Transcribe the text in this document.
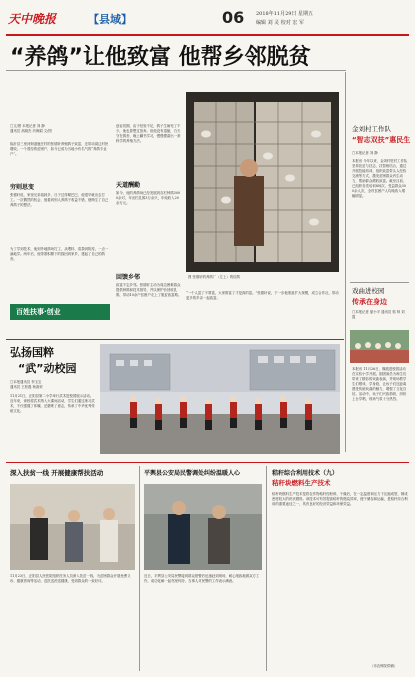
天中晚报	【县域】	06 2018年11月29日 星期五
编辑 刘 灵 校对 宏 军
“养鸽”让他致富 他帮乡邻脱贫
□文/图 本报记者 刘 静
通讯员 高晓杰 冯海娟 文/图
临沂县三里河街道鹿庄村的张德轩养殖鸽子致富，还带动周边村民增收。一个曾经的贫困户，如今已成为当地小有名气的“养鸽专业户”。
穷则思变
张德轩说，家里兄弟姐妹多，日子过得紧巴巴，他很早就出去打工。一次偶然的机会，他看到别人养鸽子收益不错，便萌生了自己养鸽子的想法。
为了学到技术，他到外地鸽场打工，从喂料、清粪到防疫，一点一滴地学。两年后，他带着积攒下的钱回到家乡，建起了自己的鸽舍。
百姓扶事·创业
创业初期，由于经验不足，鸽子生病死了不少，他也曾想过放弃。但他没有退缩，白天守在鸽舍，晚上翻书学习，慢慢摸索出一套科学的养殖方法。
天道酬勤
如今，他的养鸽场已经发展到存栏种鸽3000余对，年出栏乳鸽3万余只，年纯收入20余万元。
回馈乡邻
致富不忘乡邻。张德轩主动为周边困难群众提供种鸽和技术指导，并以保护价回收乳鸽，带动10余户贫困户走上了脱贫致富路。
图 张德轩的养鸽厂（左上）的信鸽
“一个人富了不算富，大家都富了才是真的富。”张德轩说，下一步他准备扩大规模，成立合作社，带动更多的乡亲一起致富。
金刘村工作队
“智志双扶”惠民生
□本报记者 刘 静
本报讯 今年以来，金刘村驻村工作队坚持扶贫与扶志、扶智相结合，通过开展技能培训、组织致富带头人经验交流等方式，激发贫困群众内生动力，帮助群众增收致富。截至目前，已组织各类培训8场次，受益群众300余人次，全村贫困户人均纯收入增幅明显。
戏曲进校园
传承在身边
□本报记者 晏小平 通讯员 郭 帅 刘 霞
本报讯 11月26日，豫剧进校园活动在实验小学开展。剧团演员为师生们带来了精彩的戏曲表演，并现场教学生们唱戏、学身段，让孩子们近距离感受传统戏曲的魅力，增强了文化自信。活动中，孩子们兴致勃勃，纷纷上台学唱，现场气氛十分热烈。
弘扬国粹
“武”动校园
□本报通讯员 李玉宝
通讯员 王松磊 杨赛荣
11月21日，正阳县第二小学举行武术进校园展示活动。近年来，该校将武术纳入大课间活动，学生们通过练习武术，不仅强健了体魄，还磨炼了意志，传承了中华优秀传统文化。
深入扶贫一线 开展健康帮扶活动
11月23日，正阳县人民医院组织医务人员深入扶贫一线，为贫困群众开展免费义诊、健康咨询等活动，送医送药送健康，受到群众的一致好评。
平舆县公安局民警调处纠纷温暖人心
近日，平舆县公安局民警接到群众报警后迅速赶到现场，耐心细致地做双方工作，成功化解一起邻里纠纷，当事人对民警的工作表示满意。
秸秆综合利用技术（九）
秸秆块燃料生产技术
秸秆块燃料生产技术是将农作物秸秆经粉碎、干燥后，在一定温度和压力下压缩成型，制成密度较大的块状燃料。该技术可有效提高秸秆的燃烧效率，便于储存和运输，是秸秆综合利用的重要途径之一，具有良好的经济效益和环保效益。
（市农科院供稿）
